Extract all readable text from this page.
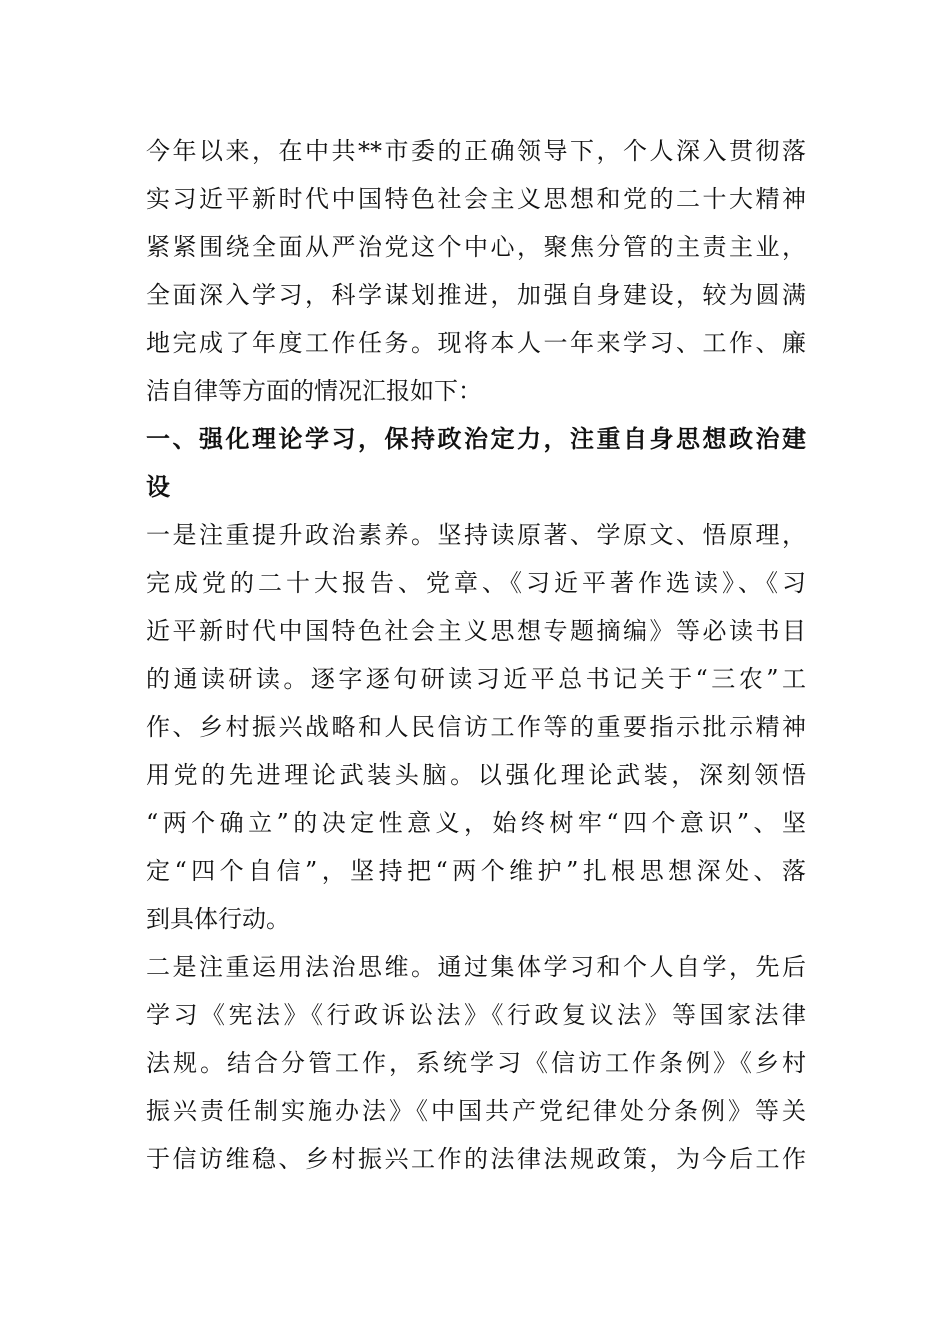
今年以来，在中共**市委的正确领导下，个人深入贯彻落
实习近平新时代中国特色社会主义思想和党的二十大精神
紧紧围绕全面从严治党这个中心，聚焦分管的主责主业，
全面深入学习，科学谋划推进，加强自身建设，较为圆满
地完成了年度工作任务。现将本人一年来学习、工作、廉
洁自律等方面的情况汇报如下：
一、强化理论学习，保持政治定力，注重自身思想政治建
设
一是注重提升政治素养。坚持读原著、学原文、悟原理，
完成党的二十大报告、党章、《习近平著作选读》、《习
近平新时代中国特色社会主义思想专题摘编》等必读书目
的通读研读。逐字逐句研读习近平总书记关于“三农”工
作、乡村振兴战略和人民信访工作等的重要指示批示精神
用党的先进理论武装头脑。以强化理论武装，深刻领悟
“两个确立”的决定性意义，始终树牢“四个意识”、坚
定“四个自信”，坚持把“两个维护”扎根思想深处、落
到具体行动。
二是注重运用法治思维。通过集体学习和个人自学，先后
学习《宪法》《行政诉讼法》《行政复议法》等国家法律
法规。结合分管工作，系统学习《信访工作条例》《乡村
振兴责任制实施办法》《中国共产党纪律处分条例》等关
于信访维稳、乡村振兴工作的法律法规政策，为今后工作
